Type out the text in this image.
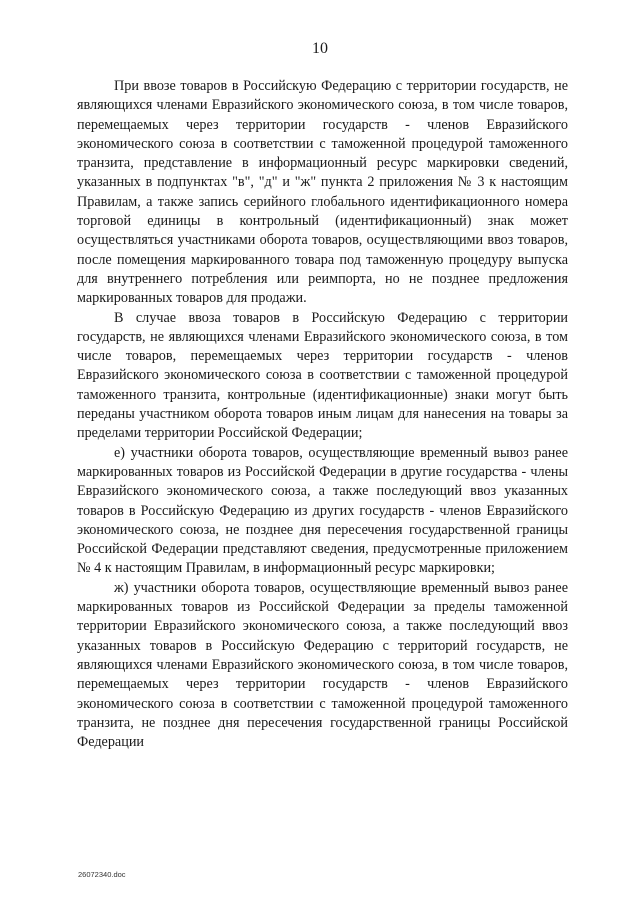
10

При ввозе товаров в Российскую Федерацию с территории государств, не являющихся членами Евразийского экономического союза, в том числе товаров, перемещаемых через территории государств - членов Евразийского экономического союза в соответствии с таможенной процедурой таможенного транзита, представление в информационный ресурс маркировки сведений, указанных в подпунктах "в", "д" и "ж" пункта 2 приложения № 3 к настоящим Правилам, а также запись серийного глобального идентификационного номера торговой единицы в контрольный (идентификационный) знак может осуществляться участниками оборота товаров, осуществляющими ввоз товаров, после помещения маркированного товара под таможенную процедуру выпуска для внутреннего потребления или реимпорта, но не позднее предложения маркированных товаров для продажи.

В случае ввоза товаров в Российскую Федерацию с территории государств, не являющихся членами Евразийского экономического союза, в том числе товаров, перемещаемых через территории государств - членов Евразийского экономического союза в соответствии с таможенной процедурой таможенного транзита, контрольные (идентификационные) знаки могут быть переданы участником оборота товаров иным лицам для нанесения на товары за пределами территории Российской Федерации;

е) участники оборота товаров, осуществляющие временный вывоз ранее маркированных товаров из Российской Федерации в другие государства - члены Евразийского экономического союза, а также последующий ввоз указанных товаров в Российскую Федерацию из других государств - членов Евразийского экономического союза, не позднее дня пересечения государственной границы Российской Федерации представляют сведения, предусмотренные приложением № 4 к настоящим Правилам, в информационный ресурс маркировки;

ж) участники оборота товаров, осуществляющие временный вывоз ранее маркированных товаров из Российской Федерации за пределы таможенной территории Евразийского экономического союза, а также последующий ввоз указанных товаров в Российскую Федерацию с территорий государств, не являющихся членами Евразийского экономического союза, в том числе товаров, перемещаемых через территории государств - членов Евразийского экономического союза в соответствии с таможенной процедурой таможенного транзита, не позднее дня пересечения государственной границы Российской Федерации

26072340.doc
